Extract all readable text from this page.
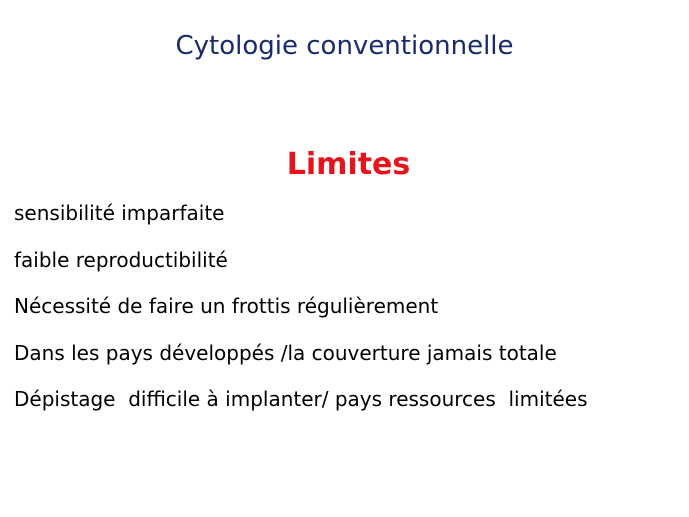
Cytologie conventionnelle
Limites
sensibilité imparfaite
faible reproductibilité
Nécessité de faire un frottis régulièrement
Dans les pays développés /la couverture jamais totale
Dépistage  difficile à implanter/ pays ressources  limitées
